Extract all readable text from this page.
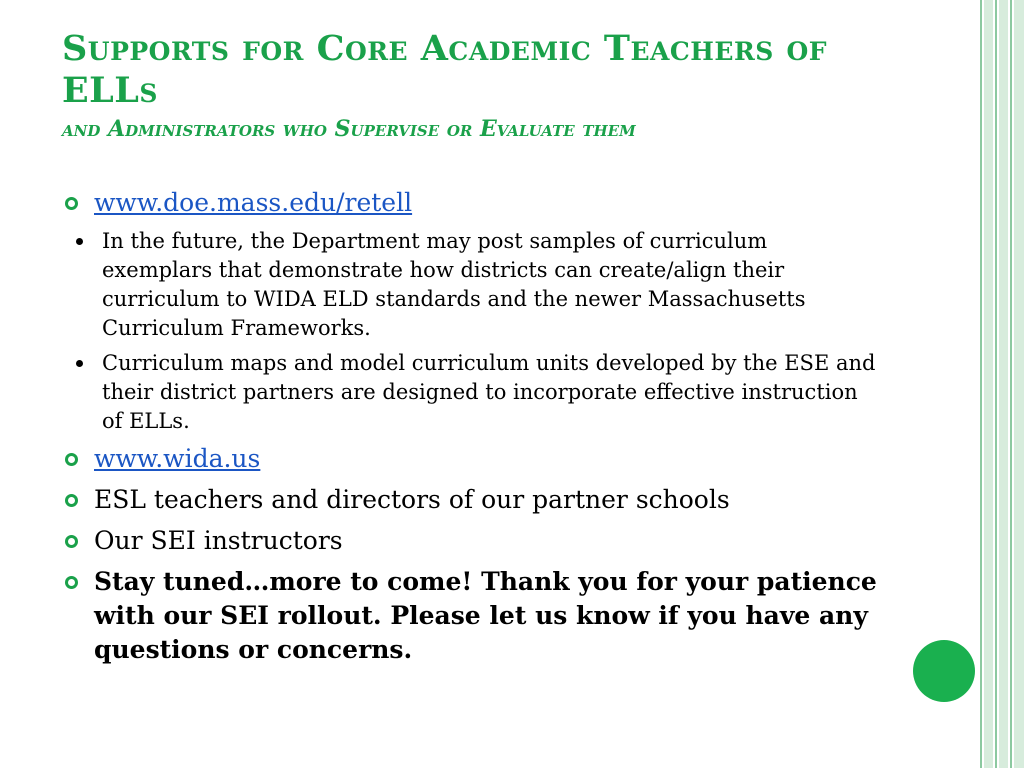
Supports for Core Academic Teachers of ELLs
and Administrators who Supervise or Evaluate them
www.doe.mass.edu/retell
In the future, the Department may post samples of curriculum exemplars that demonstrate how districts can create/align their curriculum to WIDA ELD standards and the newer Massachusetts Curriculum Frameworks.
Curriculum maps and model curriculum units developed by the ESE and their district partners are designed to incorporate effective instruction of ELLs.
www.wida.us
ESL teachers and directors of our partner schools
Our SEI instructors
Stay tuned…more to come! Thank you for your patience with our SEI rollout. Please let us know if you have any questions or concerns.
